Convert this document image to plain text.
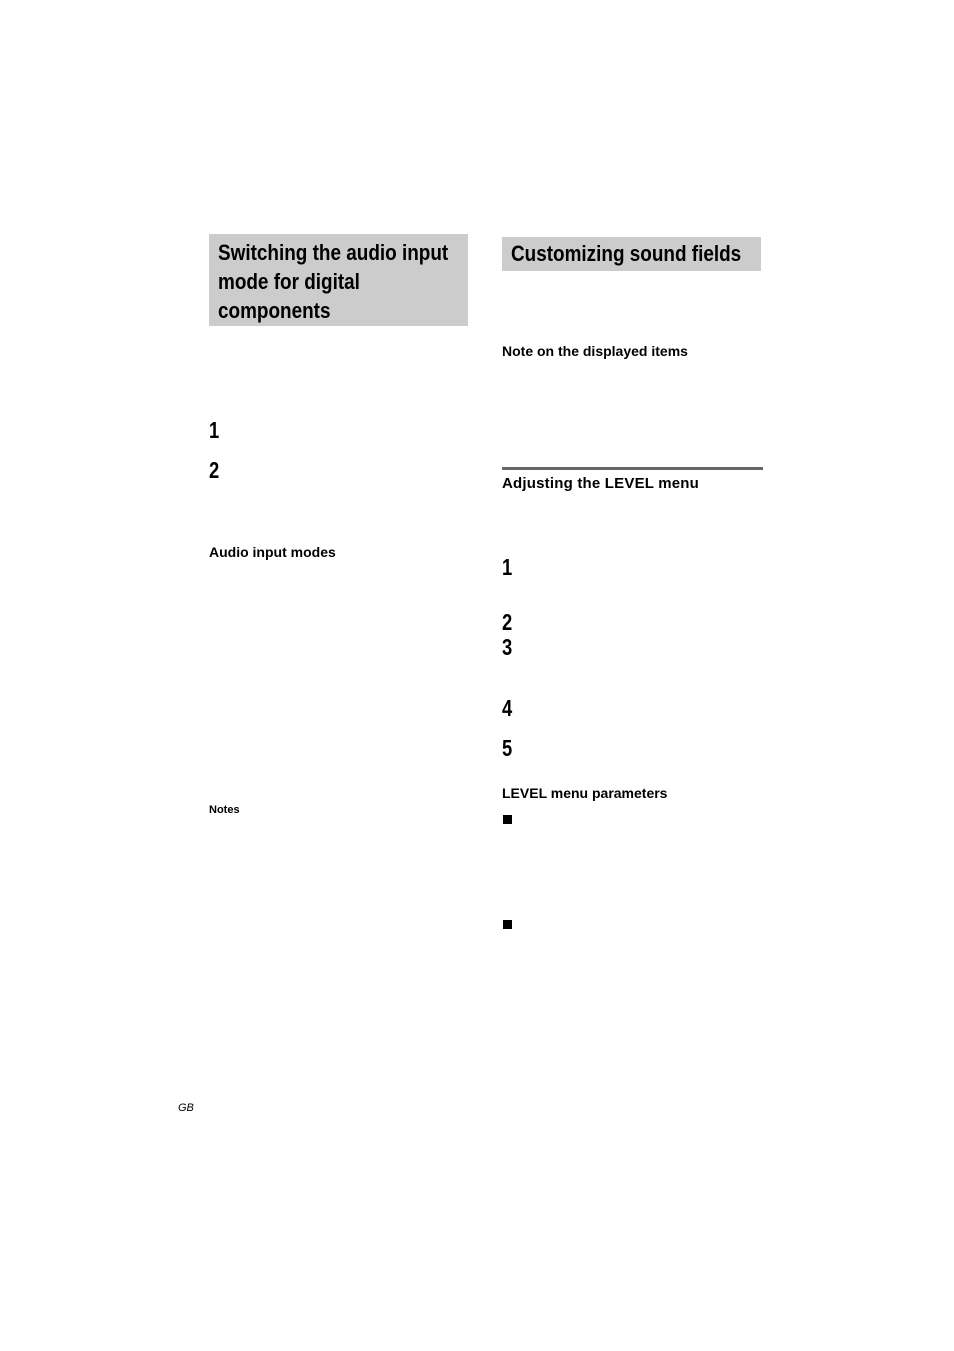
Switching the audio input
mode for digital
components
1
2
Audio input modes
Notes
Customizing sound fields
Note on the displayed items
Adjusting the LEVEL menu
1
2
3
4
5
LEVEL menu parameters
GB
